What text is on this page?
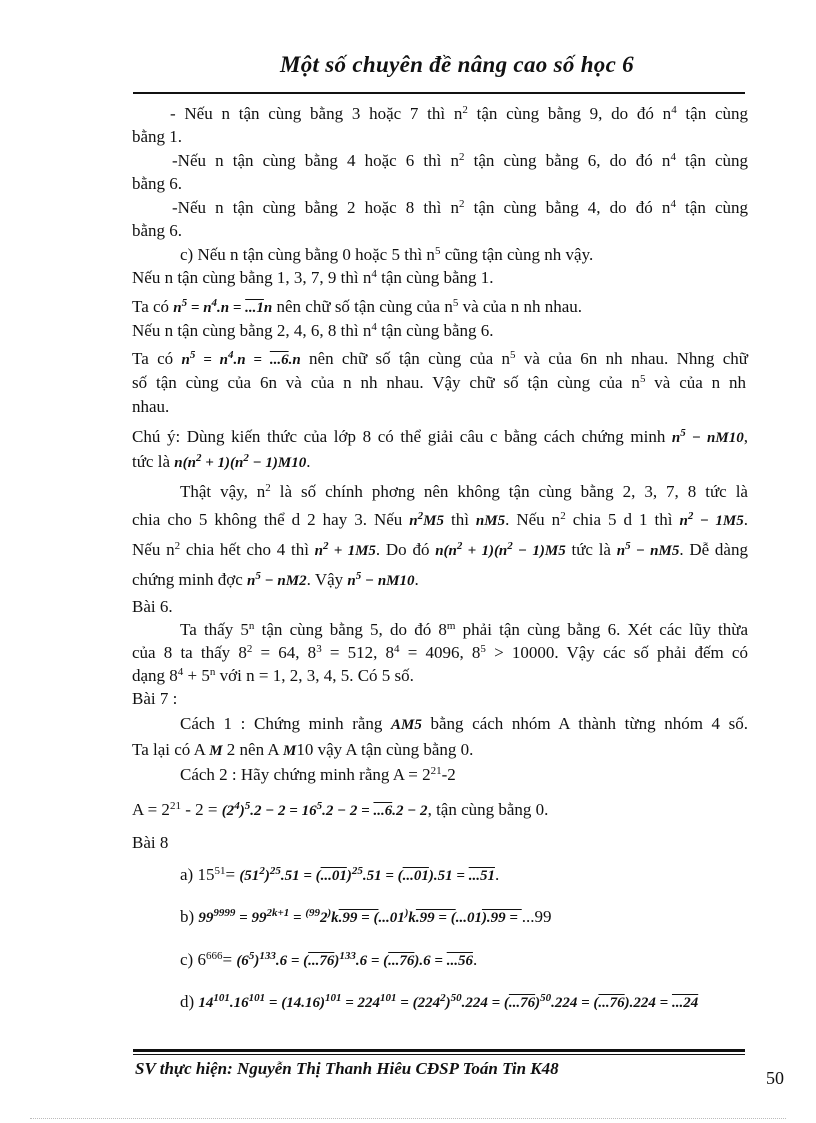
Một số chuyên đề nâng cao số học 6
- Nếu n tận cùng bằng 3 hoặc 7 thì $n^2$ tận cùng bằng 9, do đó $n^4$ tận cùng
bằng 1.
-Nếu n tận cùng bằng 4 hoặc 6 thì $n^2$ tận cùng bằng 6, do đó $n^4$ tận cùng
bằng 6.
-Nếu n tận cùng bằng 2 hoặc 8 thì $n^2$ tận cùng bằng 4, do đó $n^4$ tận cùng
bằng 6.
c) Nếu n tận cùng bằng 0 hoặc 5 thì $n^5$ cũng tận cùng nh vậy.
Nếu n tận cùng bằng 1, 3, 7, 9 thì $n^4$ tận cùng bằng 1.
Ta có $n^5 = n^4.n = ...1n$ nên chữ số tận cùng của $n^5$ và của n nh nhau.
Nếu n tận cùng bằng 2, 4, 6, 8 thì $n^4$ tận cùng bằng 6.
Ta có $n^5 = n^4.n = ...6.n$ nên chữ số tận cùng của $n^5$ và của 6n nh nhau. Nhng chữ
số tận cùng của 6n và của n nh nhau. Vậy chữ số tận cùng của $n^5$ và của n nh
nhau.
Chú ý: Dùng kiến thức của lớp 8 có thể giải câu c bằng cách chứng minh $n^5 - nM10$,
tức là $n(n^2 + 1)(n^2 - 1)M10$.
Thật vậy, $n^2$ là số chính phơng nên không tận cùng bằng 2, 3, 7, 8 tức là
chia cho 5 không thể d 2 hay 3. Nếu $n^2M5$ thì nM5. Nếu $n^2$ chia 5 d 1 thì $n^2 - 1M5$.
Nếu $n^2$ chia hết cho 4 thì $n^2 + 1M5$. Do đó $n(n^2 + 1)(n^2 - 1)M5$ tức là $n^5 - nM5$. Dễ dàng
chứng minh đợc $n^5 - nM2$. Vậy $n^5 - nM10$.
Bài 6.
Ta thấy 5$^n$ tận cùng bằng 5, do đó 8$^m$ phải tận cùng bằng 6. Xét các lũy thừa
của 8 ta thấy $8^2 = 64$, $8^3 = 512$, $8^4 = 4096$, $8^5 > 10000$. Vậy các số phải đếm có
dạng $8^4 + 5^n$ với n = 1, 2, 3, 4, 5. Có 5 số.
Bài 7 :
Cách 1 : Chứng minh rằng AM5 bằng cách nhóm A thành từng nhóm 4 số.
Ta lại có A M 2 nên A M10 vậy A tận cùng bằng 0.
Cách 2 : Hãy chứng minh rằng $A = 2^{21}-2$
$A = 2^{21} - 2 = (2^4)^5.2 - 2 = 16^5.2 - 2 = ...6.2 - 2$, tận cùng bằng 0.
Bài 8
a) $15^{51}= (51^2)^{25}.51 = (...01)^{25}.51 = (...01).51 = ...51$.
b) $99^{9999} = 99^{2k+1} = ^{(99}2^)k.99 = (...01^)k.99 = (...01).99 = ...99$
c) $6^{666}= (6^5)^{133}.6 = (...76)^{133}.6 = (...76).6 = ...56$.
d) $14^{101}.16^{101} = (14.16)^{101} = 224^{101} = (224^2)^{50}.224 = (...76)^{50}.224 = (...76).224 = ...24$
SV thực hiện: Nguyễn Thị Thanh Hiêu CĐSP Toán Tin K48	50
